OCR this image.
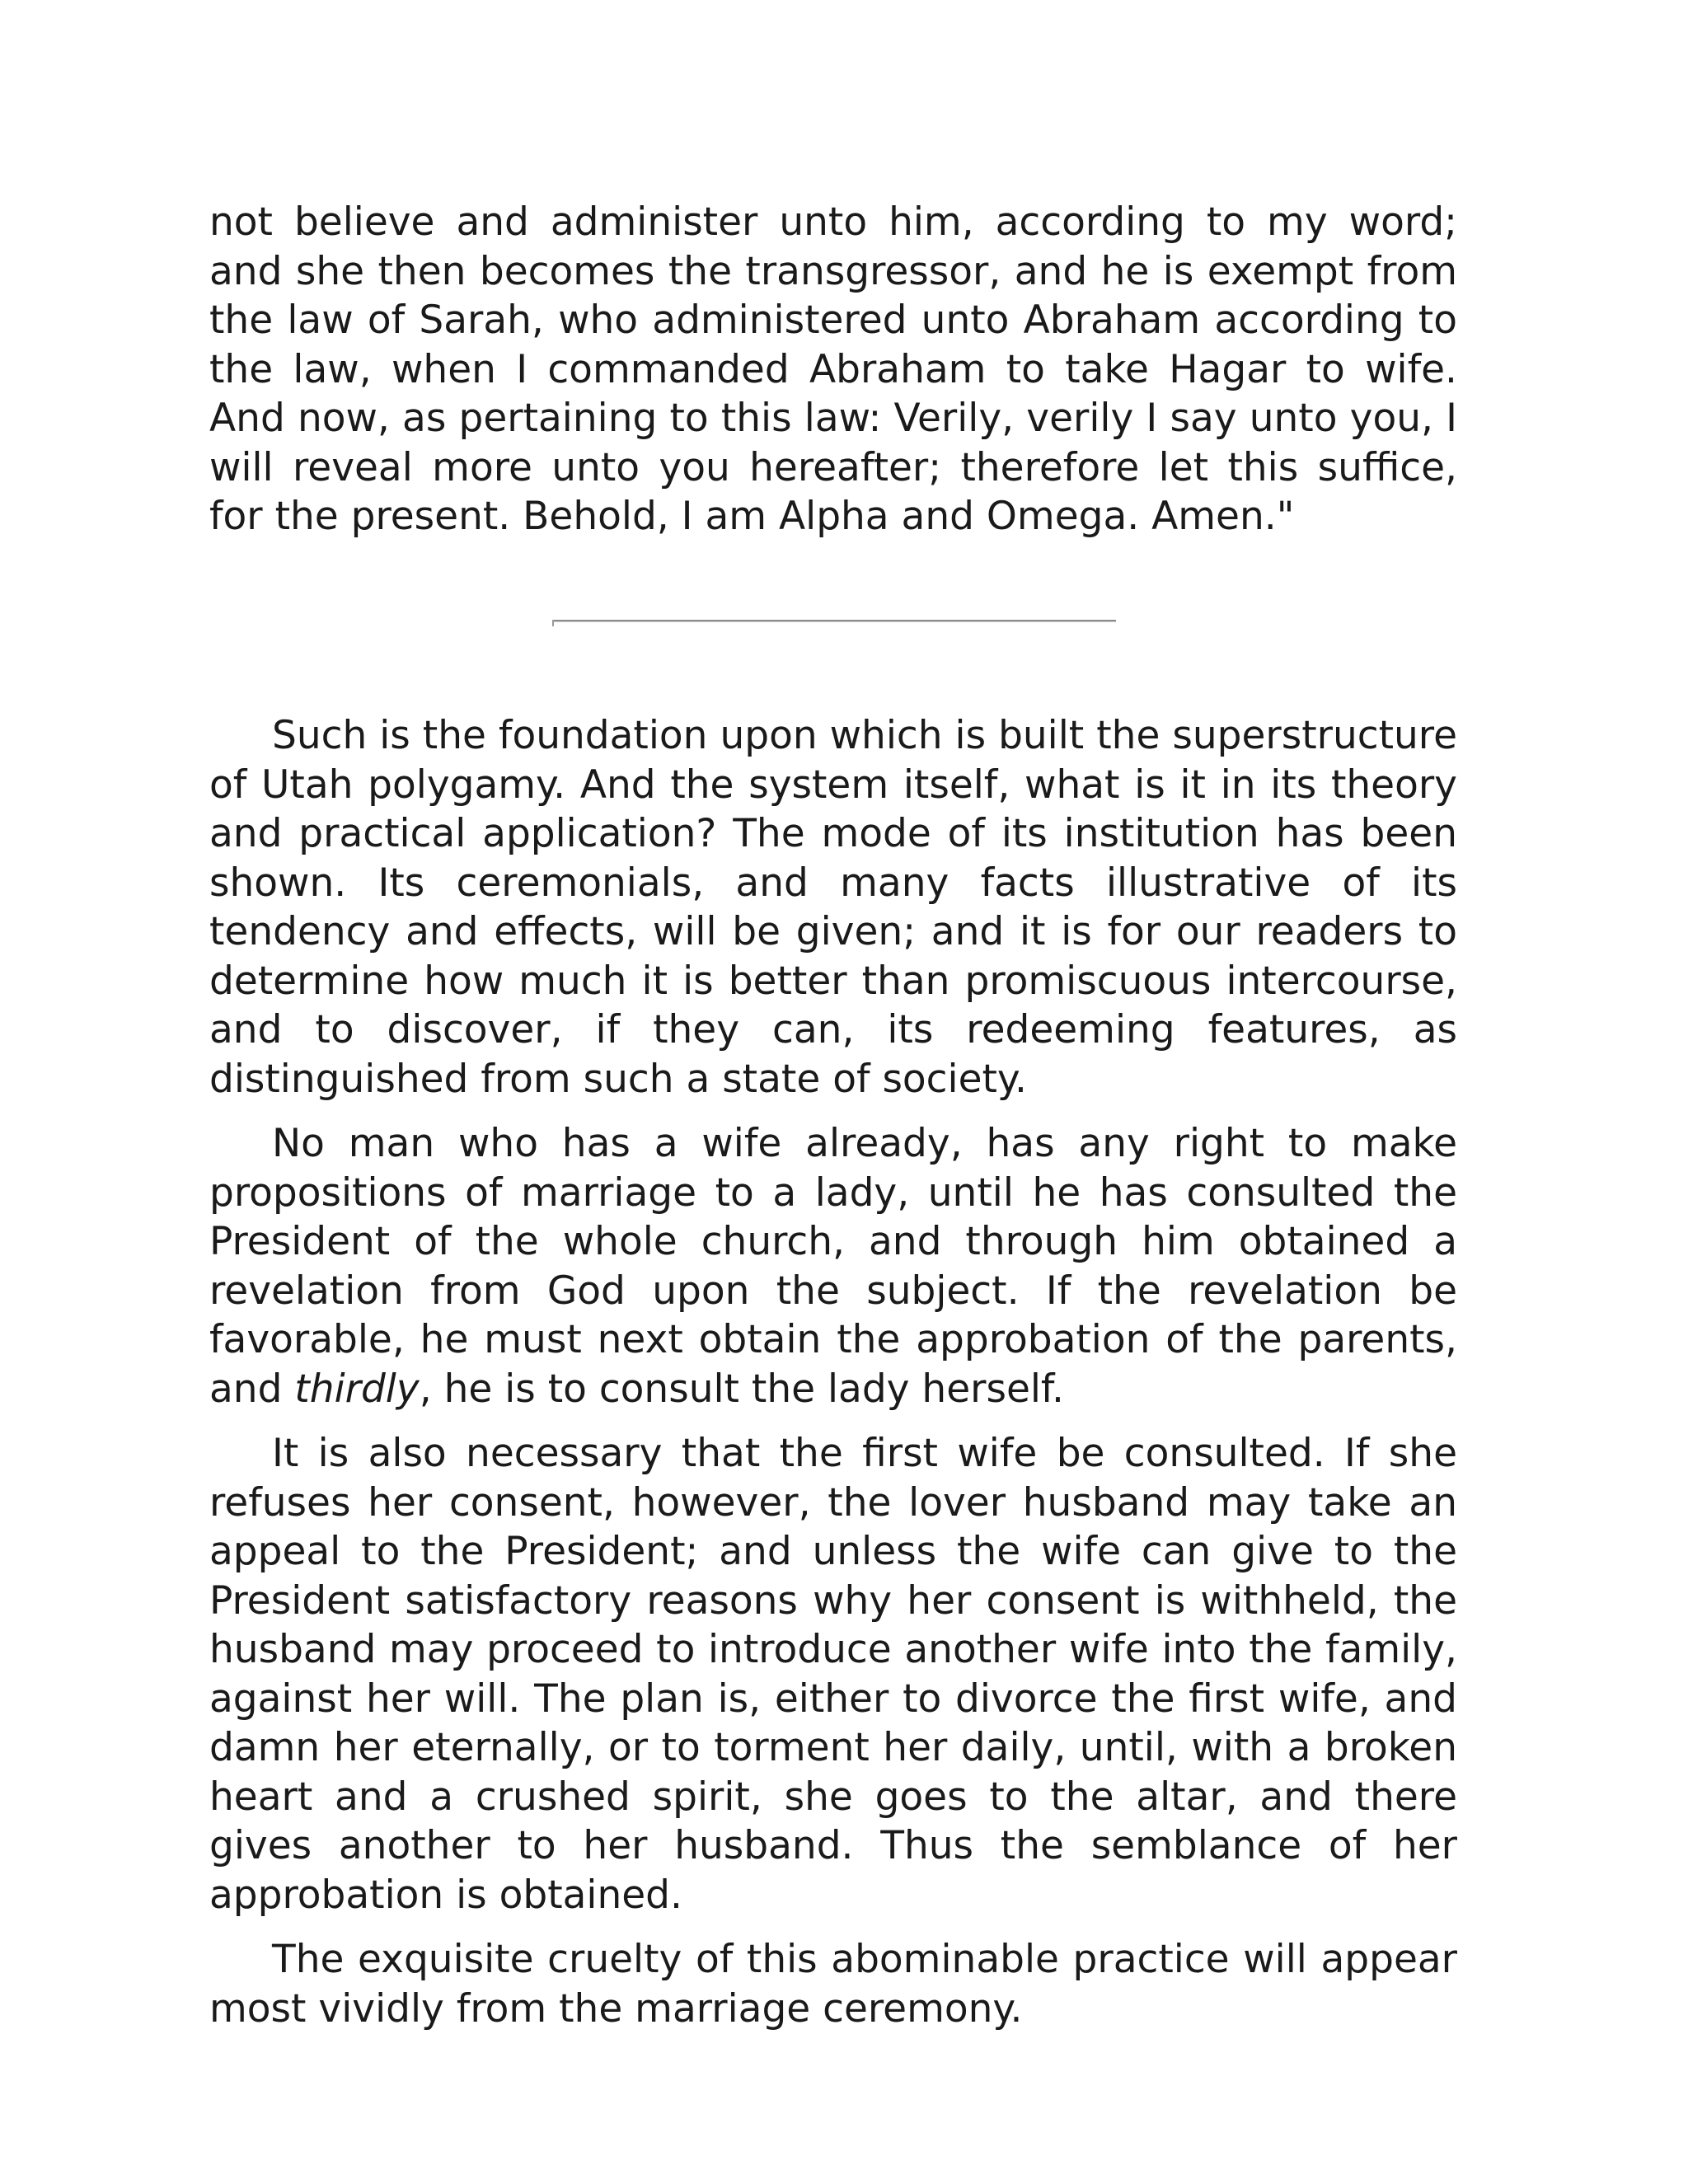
not believe and administer unto him, according to my word; and she then becomes the transgressor, and he is exempt from the law of Sarah, who administered unto Abraham according to the law, when I commanded Abraham to take Hagar to wife. And now, as pertaining to this law: Verily, verily I say unto you, I will reveal more unto you hereafter; therefore let this suffice, for the present. Behold, I am Alpha and Omega. Amen."

Such is the foundation upon which is built the superstructure of Utah polygamy. And the system itself, what is it in its theory and practical application? The mode of its institution has been shown. Its ceremonials, and many facts illustrative of its tendency and effects, will be given; and it is for our readers to determine how much it is better than promiscuous intercourse, and to discover, if they can, its redeeming features, as distinguished from such a state of society.

No man who has a wife already, has any right to make propositions of marriage to a lady, until he has consulted the President of the whole church, and through him obtained a revelation from God upon the subject. If the revelation be favorable, he must next obtain the approbation of the parents, and thirdly, he is to consult the lady herself.

It is also necessary that the first wife be consulted. If she refuses her consent, however, the lover husband may take an appeal to the President; and unless the wife can give to the President satisfactory reasons why her consent is withheld, the husband may proceed to introduce another wife into the family, against her will. The plan is, either to divorce the first wife, and damn her eternally, or to torment her daily, until, with a broken heart and a crushed spirit, she goes to the altar, and there gives another to her husband. Thus the semblance of her approbation is obtained.

The exquisite cruelty of this abominable practice will appear most vividly from the marriage ceremony.
